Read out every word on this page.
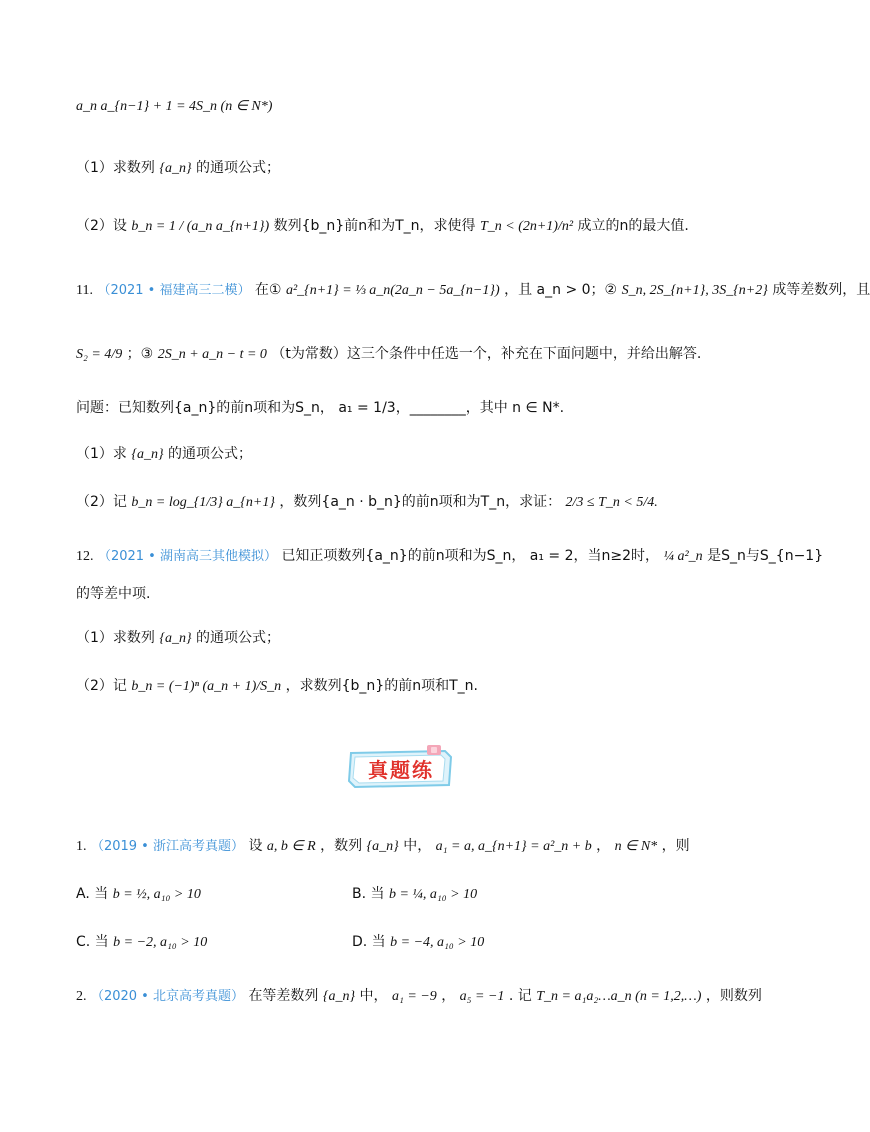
a_n a_{n−1} + 1 = 4S_n (n ∈ N*)
（1）求数列 {a_n} 的通项公式；
（2）设 b_n = 1 / (a_n a_{n+1}) 数列{b_n}前n和为T_n，求使得 T_n < (2n+1)/n² 成立的n的最大值.
11. （2021 • 福建高三二模） 在① a²_{n+1} = ⅓ a_n(2a_n − 5a_{n−1}) ，且 a_n > 0；② S_n, 2S_{n+1}, 3S_{n+2} 成等差数列，且
S₂ = 4/9 ；③ 2S_n + a_n − t = 0 （t为常数）这三个条件中任选一个，补充在下面问题中，并给出解答.
问题：已知数列{a_n}的前n项和为S_n， a₁ = 1/3，________，其中 n ∈ N*.
（1）求 {a_n} 的通项公式；
（2）记 b_n = log_{1/3} a_{n+1} ，数列{a_n · b_n}的前n项和为T_n，求证： 2/3 ≤ T_n < 5/4.
12. （2021 • 湖南高三其他模拟） 已知正项数列{a_n}的前n项和为S_n， a₁ = 2，当n≥2时， ¼ a²_n 是S_n与S_{n−1}
的等差中项.
（1）求数列 {a_n} 的通项公式；
（2）记 b_n = (−1)ⁿ (a_n + 1)/S_n ，求数列{b_n}的前n项和T_n.
真题练
1. （2019 • 浙江高考真题） 设 a, b ∈ R ，数列 {a_n} 中， a₁ = a, a_{n+1} = a²_n + b ， n ∈ N* ，则
A. 当 b = ½, a₁₀ > 10	B. 当 b = ¼, a₁₀ > 10
C. 当 b = −2, a₁₀ > 10	D. 当 b = −4, a₁₀ > 10
2. （2020 • 北京高考真题） 在等差数列 {a_n} 中， a₁ = −9 ， a₅ = −1 . 记 T_n = a₁a₂…a_n (n = 1,2,…) ，则数列
